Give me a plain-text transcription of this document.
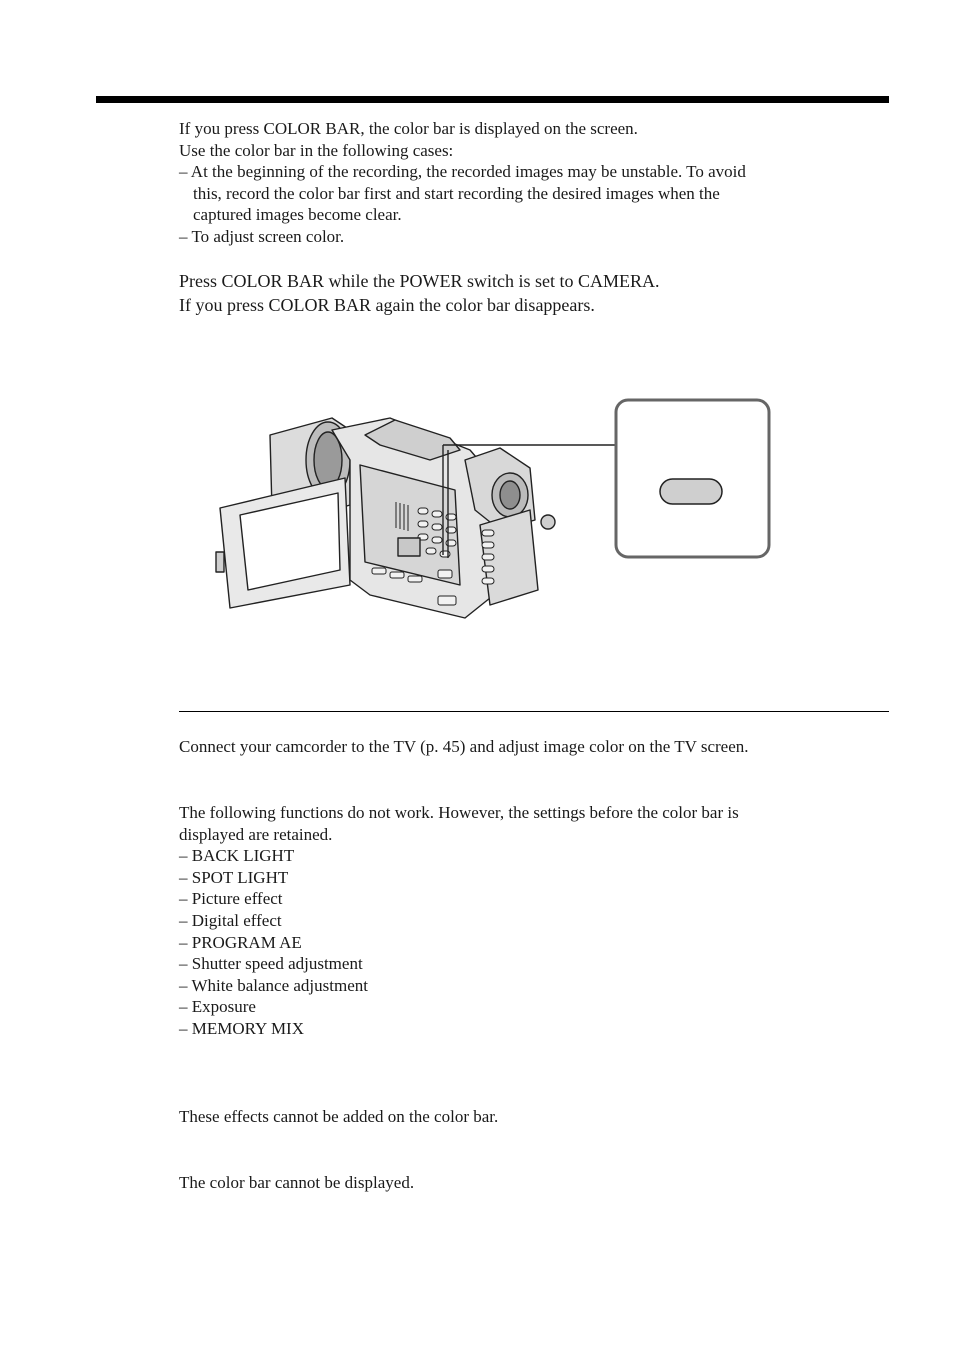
If you press COLOR BAR, the color bar is displayed on the screen.

Use the color bar in the following cases:

– At the beginning of the recording, the recorded images may be unstable. To avoid

this, record the color bar first and start recording the desired images when the

captured images become clear.

– To adjust screen color.

Press COLOR BAR while the POWER switch is set to CAMERA.

If you press COLOR BAR again the color bar disappears.

Connect your camcorder to the TV (p. 45) and adjust image color on the TV screen.

The following functions do not work. However, the settings before the color bar is

displayed are retained.

– BACK LIGHT

– SPOT LIGHT

– Picture effect

– Digital effect

– PROGRAM AE

– Shutter speed adjustment

– White balance adjustment

– Exposure

– MEMORY MIX

These effects cannot be added on the color bar.

The color bar cannot be displayed.
